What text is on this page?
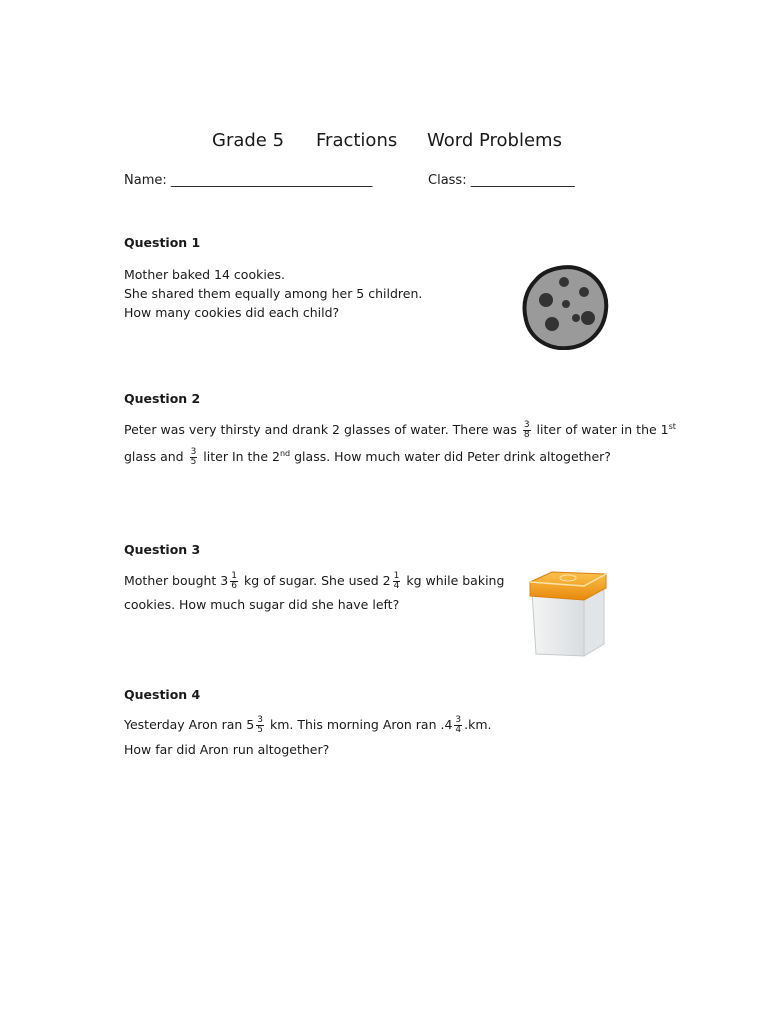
Grade 5 Fractions Word Problems
Name: _______________________________	Class: ________________
Question 1
Mother baked 14 cookies.
She shared them equally among her 5 children.
How many cookies did each child?
Question 2
Peter was very thirsty and drank 2 glasses of water. There was $\frac{3}{8}$ liter of water in the 1st
glass and $\frac{3}{5}$ liter In the 2nd glass. How much water did Peter drink altogether?
Question 3
Mother bought $3 \frac{1}{6}$ kg of sugar. She used $2 \frac{1}{4}$ kg while baking
cookies. How much sugar did she have left?
Question 4
Yesterday Aron ran $5 \frac{3}{5}$ km. This morning Aron ran $.4 \frac{3}{4} .km$.
How far did Aron run altogether?
